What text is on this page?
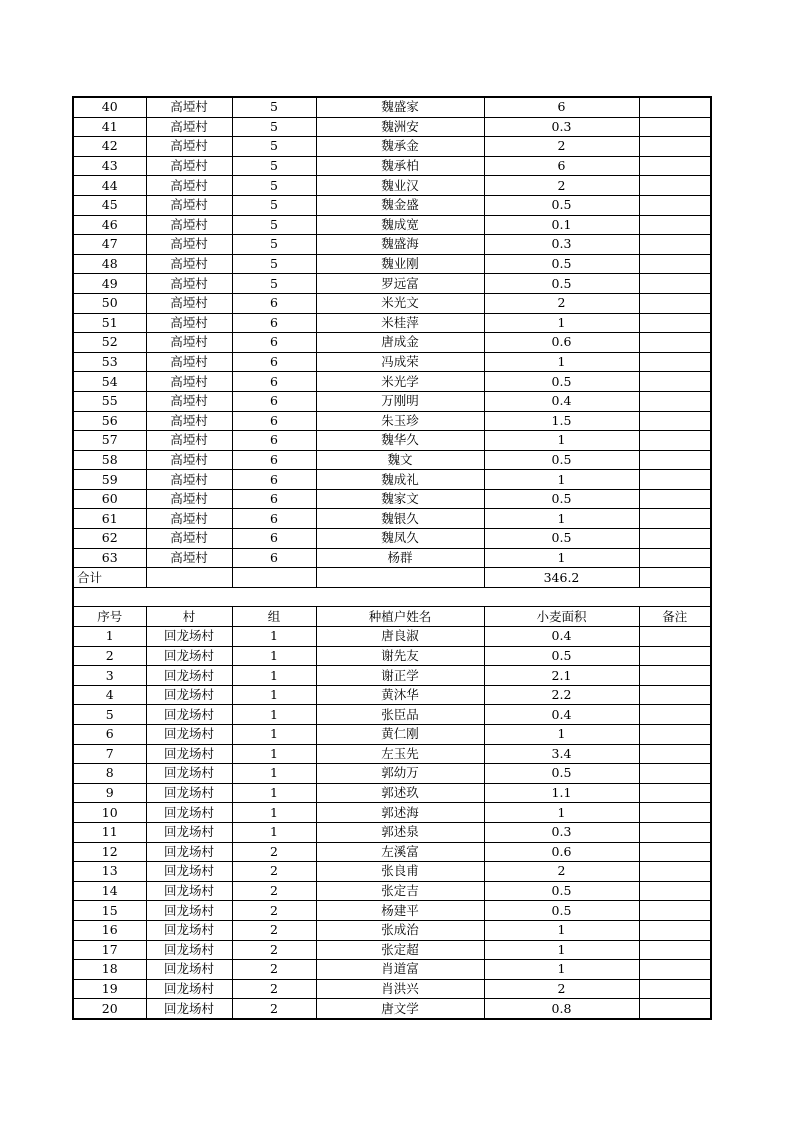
40	高埡村	5	魏盛家	6	
41	高埡村	5	魏洲安	0.3	
42	高埡村	5	魏承金	2	
43	高埡村	5	魏承柏	6	
44	高埡村	5	魏业汉	2	
45	高埡村	5	魏金盛	0.5	
46	高埡村	5	魏成宽	0.1	
47	高埡村	5	魏盛海	0.3	
48	高埡村	5	魏业刚	0.5	
49	高埡村	5	罗远富	0.5	
50	高埡村	6	米光文	2	
51	高埡村	6	米桂萍	1	
52	高埡村	6	唐成金	0.6	
53	高埡村	6	冯成荣	1	
54	高埡村	6	米光学	0.5	
55	高埡村	6	万刚明	0.4	
56	高埡村	6	朱玉珍	1.5	
57	高埡村	6	魏华久	1	
58	高埡村	6	魏文	0.5	
59	高埡村	6	魏成礼	1	
60	高埡村	6	魏家文	0.5	
61	高埡村	6	魏银久	1	
62	高埡村	6	魏凤久	0.5	
63	高埡村	6	杨群	1	
合计				346.2	

序号	村	组	种植户姓名	小麦面积	备注
1	回龙场村	1	唐良淑	0.4	
2	回龙场村	1	谢先友	0.5	
3	回龙场村	1	谢正学	2.1	
4	回龙场村	1	黄沐华	2.2	
5	回龙场村	1	张臣品	0.4	
6	回龙场村	1	黄仁刚	1	
7	回龙场村	1	左玉先	3.4	
8	回龙场村	1	郭幼万	0.5	
9	回龙场村	1	郭述玖	1.1	
10	回龙场村	1	郭述海	1	
11	回龙场村	1	郭述泉	0.3	
12	回龙场村	2	左溪富	0.6	
13	回龙场村	2	张良甫	2	
14	回龙场村	2	张定吉	0.5	
15	回龙场村	2	杨建平	0.5	
16	回龙场村	2	张成治	1	
17	回龙场村	2	张定超	1	
18	回龙场村	2	肖道富	1	
19	回龙场村	2	肖洪兴	2	
20	回龙场村	2	唐文学	0.8	
